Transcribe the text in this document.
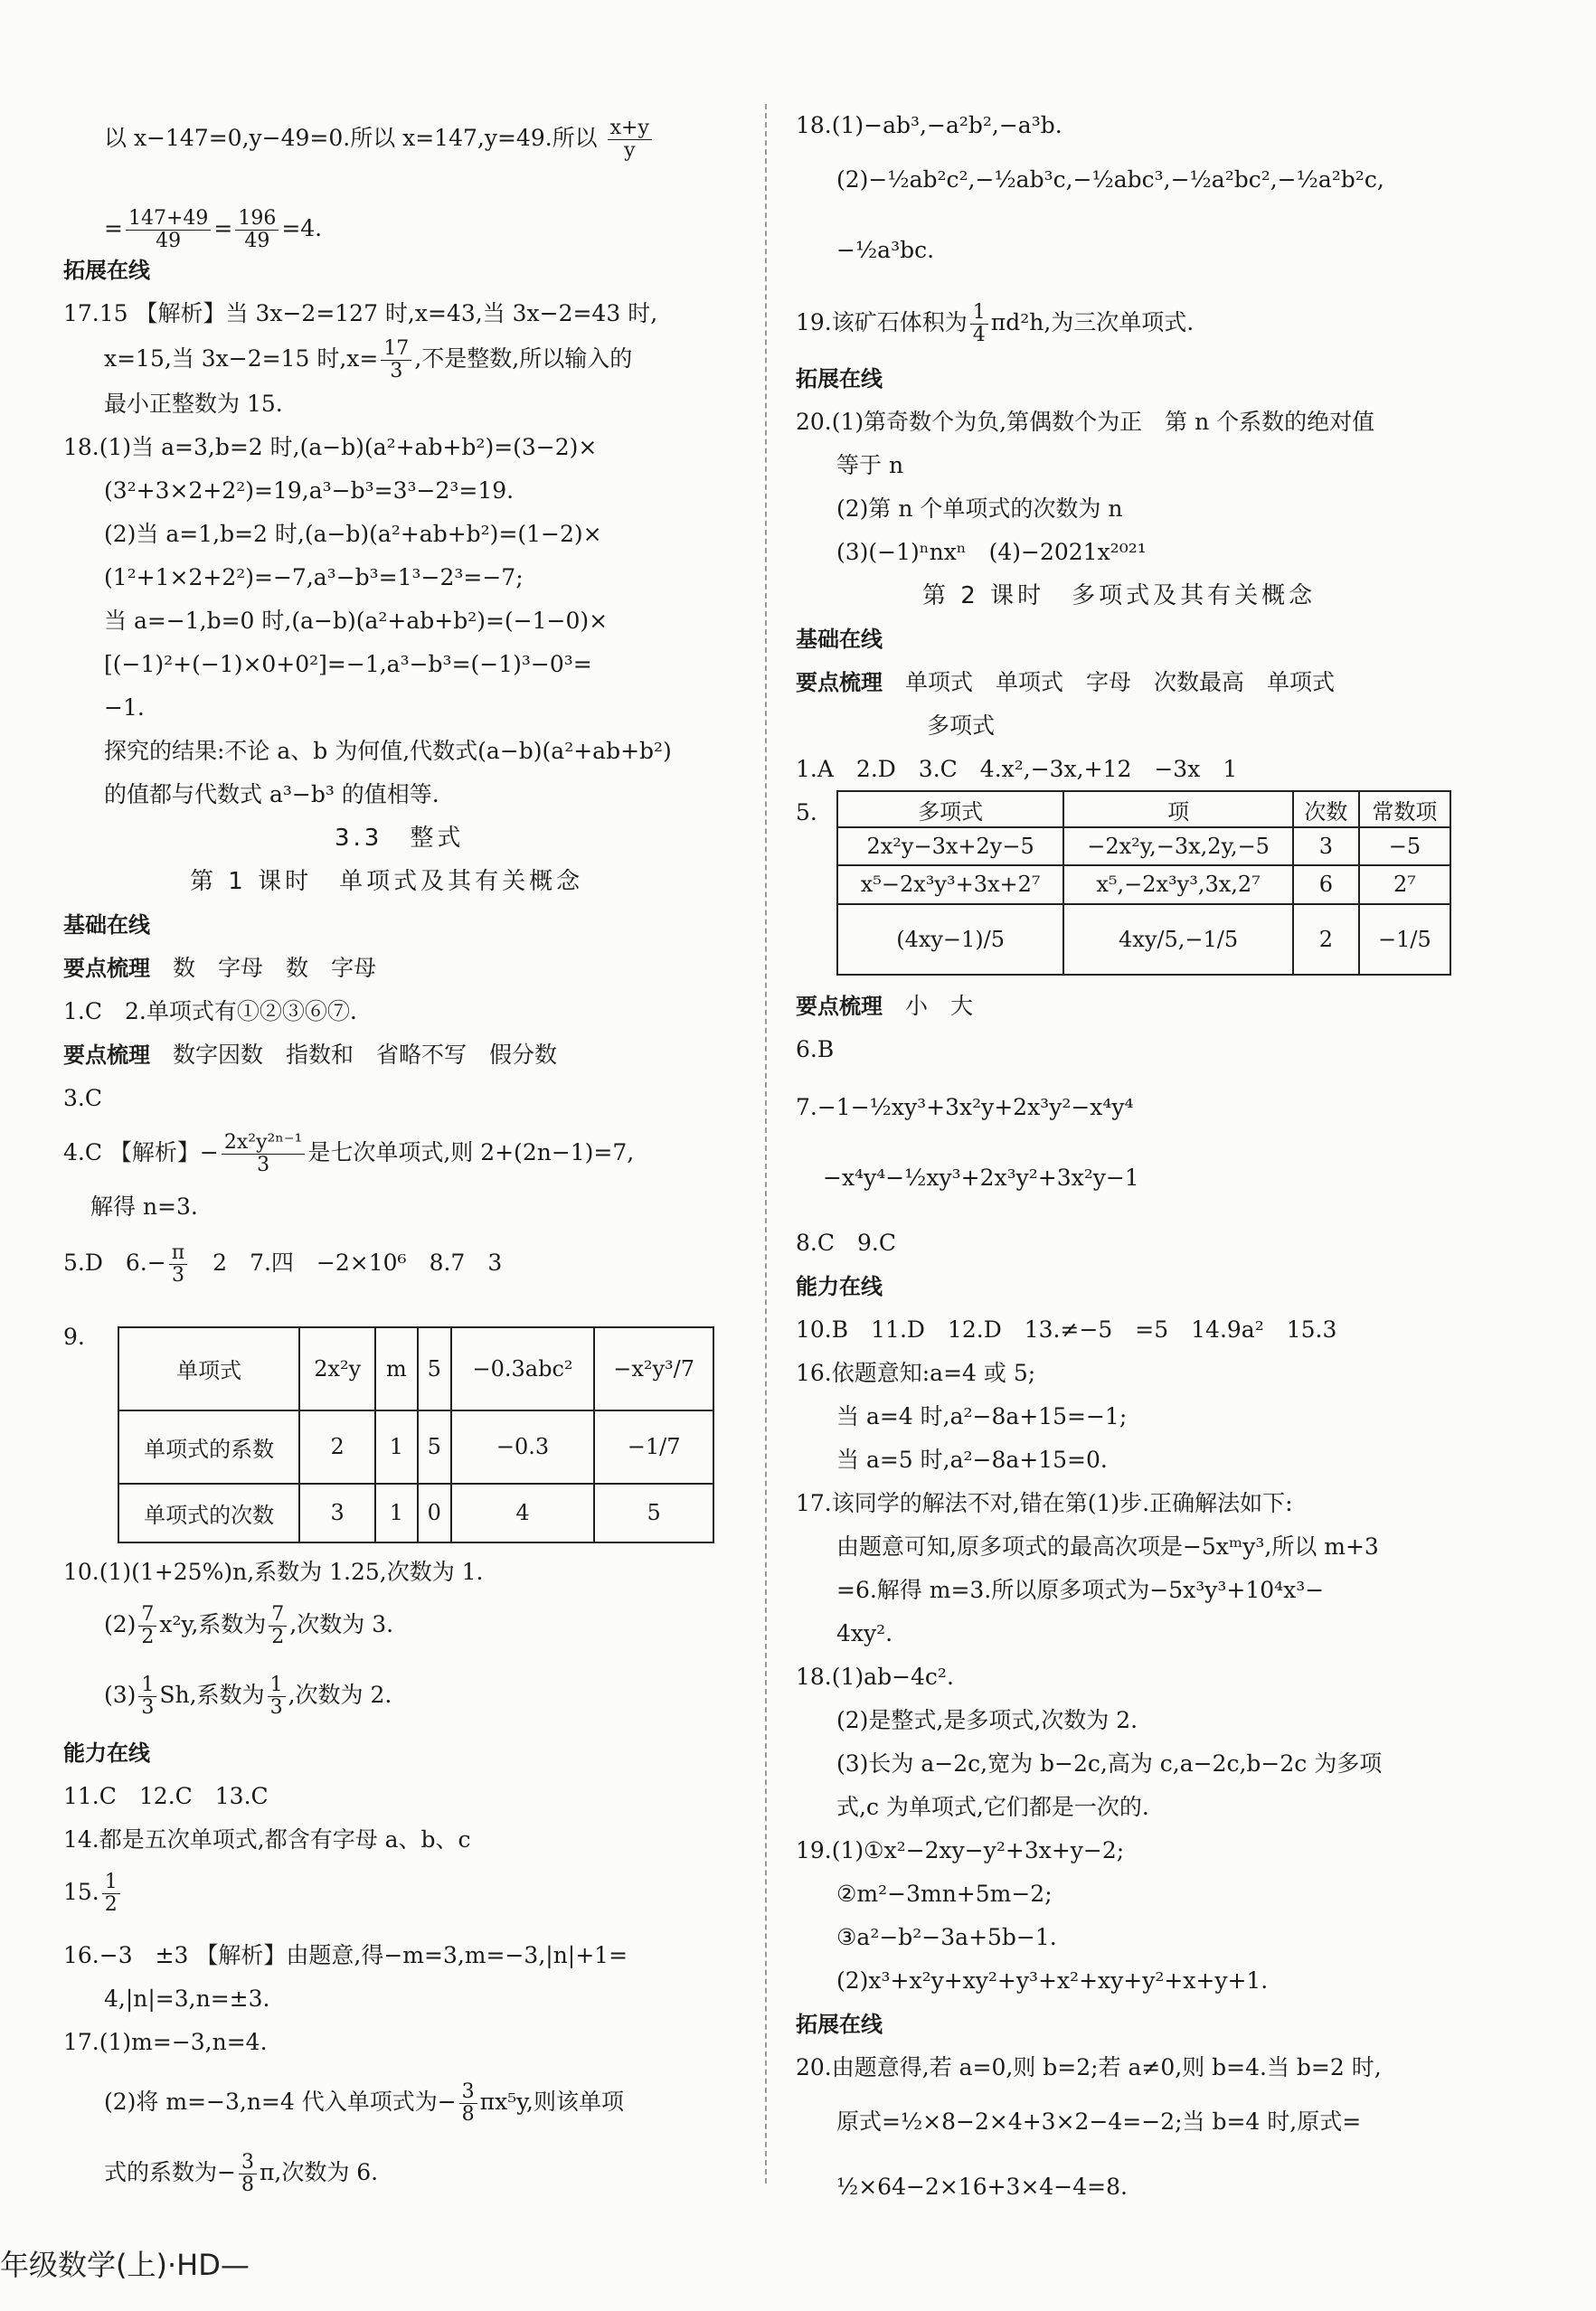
以 x−147=0,y−49=0.所以 x=147,y=49.所以 $\frac{x+y}{y}$
= $\frac{147+49}{49} = \frac{196}{49} =4$.
拓展在线
17.15 【解析】当 3x−2=127 时,x=43,当 3x−2=43 时,
x=15,当 3x−2=15 时$,x= \frac{17}{3}$ ,不是整数,所以输入的
最小正整数为 15.
18.(1)当 a=3,b=2 时,(a−b)(a²+ab+b²)=(3−2)×
(3²+3×2+2²)=19,a³−b³=3³−2³=19.
(2)当 a=1,b=2 时,(a−b)(a²+ab+b²)=(1−2)×
(1²+1×2+2²)=−7,a³−b³=1³−2³=−7;
当 a=−1,b=0 时,(a−b)(a²+ab+b²)=(−1−0)×
[(−1)²+(−1)×0+0²]=−1,a³−b³=(−1)³−0³=
−1.
探究的结果:不论 a、b 为何值,代数式(a−b)(a²+ab+b²)
的值都与代数式 a³−b³ 的值相等.
3.3　整式
第 1 课时　单项式及其有关概念
基础在线
要点梳理　 数　字母　数　字母
1.C　2.单项式有①②③⑥⑦.
要点梳理　 数字因数　指数和　省略不写　假分数
3.C
4.C 【解析】− $\frac{\text{2x²y²ⁿ⁻¹}}{3}$ 是七次单项式,则 2+(2n−1)=7,
解得 n=3.
5.D　$6.- \frac{\pi}{3}$ 　2　7.四　−2×10⁶　8.7　3
9.
单项式	2x²y	m	5	−0.3abc²	−x²y³/7
单项式的系数	2	1	5	−0.3	−1/7
单项式的次数	3	1	0	4	5
10.(1)(1+25%)n,系数为 1.25,次数为 1.
$(2) \frac{7}{2} x^2y$,系数为 $\frac{7}{2}$ ,次数为 3.
$(3) \frac{1}{3} Sh$,系数为 $\frac{1}{3}$ ,次数为 2.
能力在线
11.C　12.C　13.C
14.都是五次单项式,都含有字母 a、b、c
15. $\frac{1}{2}$
16.−3　±3 【解析】由题意,得−m=3,m=−3,|n|+1=
4,|n|=3,n=±3.
17.(1)m=−3,n=4.
(2)将 m=−3,n=4 代入单项式为− $\frac{3}{8} \pi x^5y$,则该单项
式的系数为− $\frac{3}{8} \pi$,次数为 6.
18.(1)−ab³,−a²b²,−a³b.
(2)−½ab²c²,−½ab³c,−½abc³,−½a²bc²,−½a²b²c,
−½a³bc.
19.该矿石体积为 $\frac{1}{4} \pi d^2h$,为三次单项式.
拓展在线
20.(1)第奇数个为负,第偶数个为正　第 n 个系数的绝对值
等于 n
(2)第 n 个单项式的次数为 n
(3)(−1)ⁿnxⁿ　(4)−2021x²⁰²¹
第 2 课时　多项式及其有关概念
基础在线
要点梳理　 单项式　单项式　字母　次数最高　单项式
多项式
1.A　2.D　3.C　4.x²,−3x,+12　−3x　1
5.	多项式	项	次数	常数项
2x²y−3x+2y−5	−2x²y,−3x,2y,−5	3	−5
x⁵−2x³y³+3x+2⁷	x⁵,−2x³y³,3x,2⁷	6	2⁷
(4xy−1)/5	4xy/5,−1/5	2	−1/5
要点梳理　 小　大
6.B
7.−1−½xy³+3x²y+2x³y²−x⁴y⁴
−x⁴y⁴−½xy³+2x³y²+3x²y−1
8.C　9.C
能力在线
10.B　11.D　12.D　13.≠−5　=5　14.9a²　15.3
16.依题意知:a=4 或 5;
当 a=4 时,a²−8a+15=−1;
当 a=5 时,a²−8a+15=0.
17.该同学的解法不对,错在第(1)步.正确解法如下:
由题意可知,原多项式的最高次项是−5xᵐy³,所以 m+3
=6.解得 m=3.所以原多项式为−5x³y³+10⁴x³−
4xy².
18.(1)ab−4c².
(2)是整式,是多项式,次数为 2.
(3)长为 a−2c,宽为 b−2c,高为 c,a−2c,b−2c 为多项
式,c 为单项式,它们都是一次的.
19.(1)①x²−2xy−y²+3x+y−2;
②m²−3mn+5m−2;
③a²−b²−3a+5b−1.
(2)x³+x²y+xy²+y³+x²+xy+y²+x+y+1.
拓展在线
20.由题意得,若 a=0,则 b=2;若 a≠0,则 b=4.当 b=2 时,
原式=½×8−2×4+3×2−4=−2;当 b=4 时,原式=
½×64−2×16+3×4−4=8.
年级数学(上)·HD—
